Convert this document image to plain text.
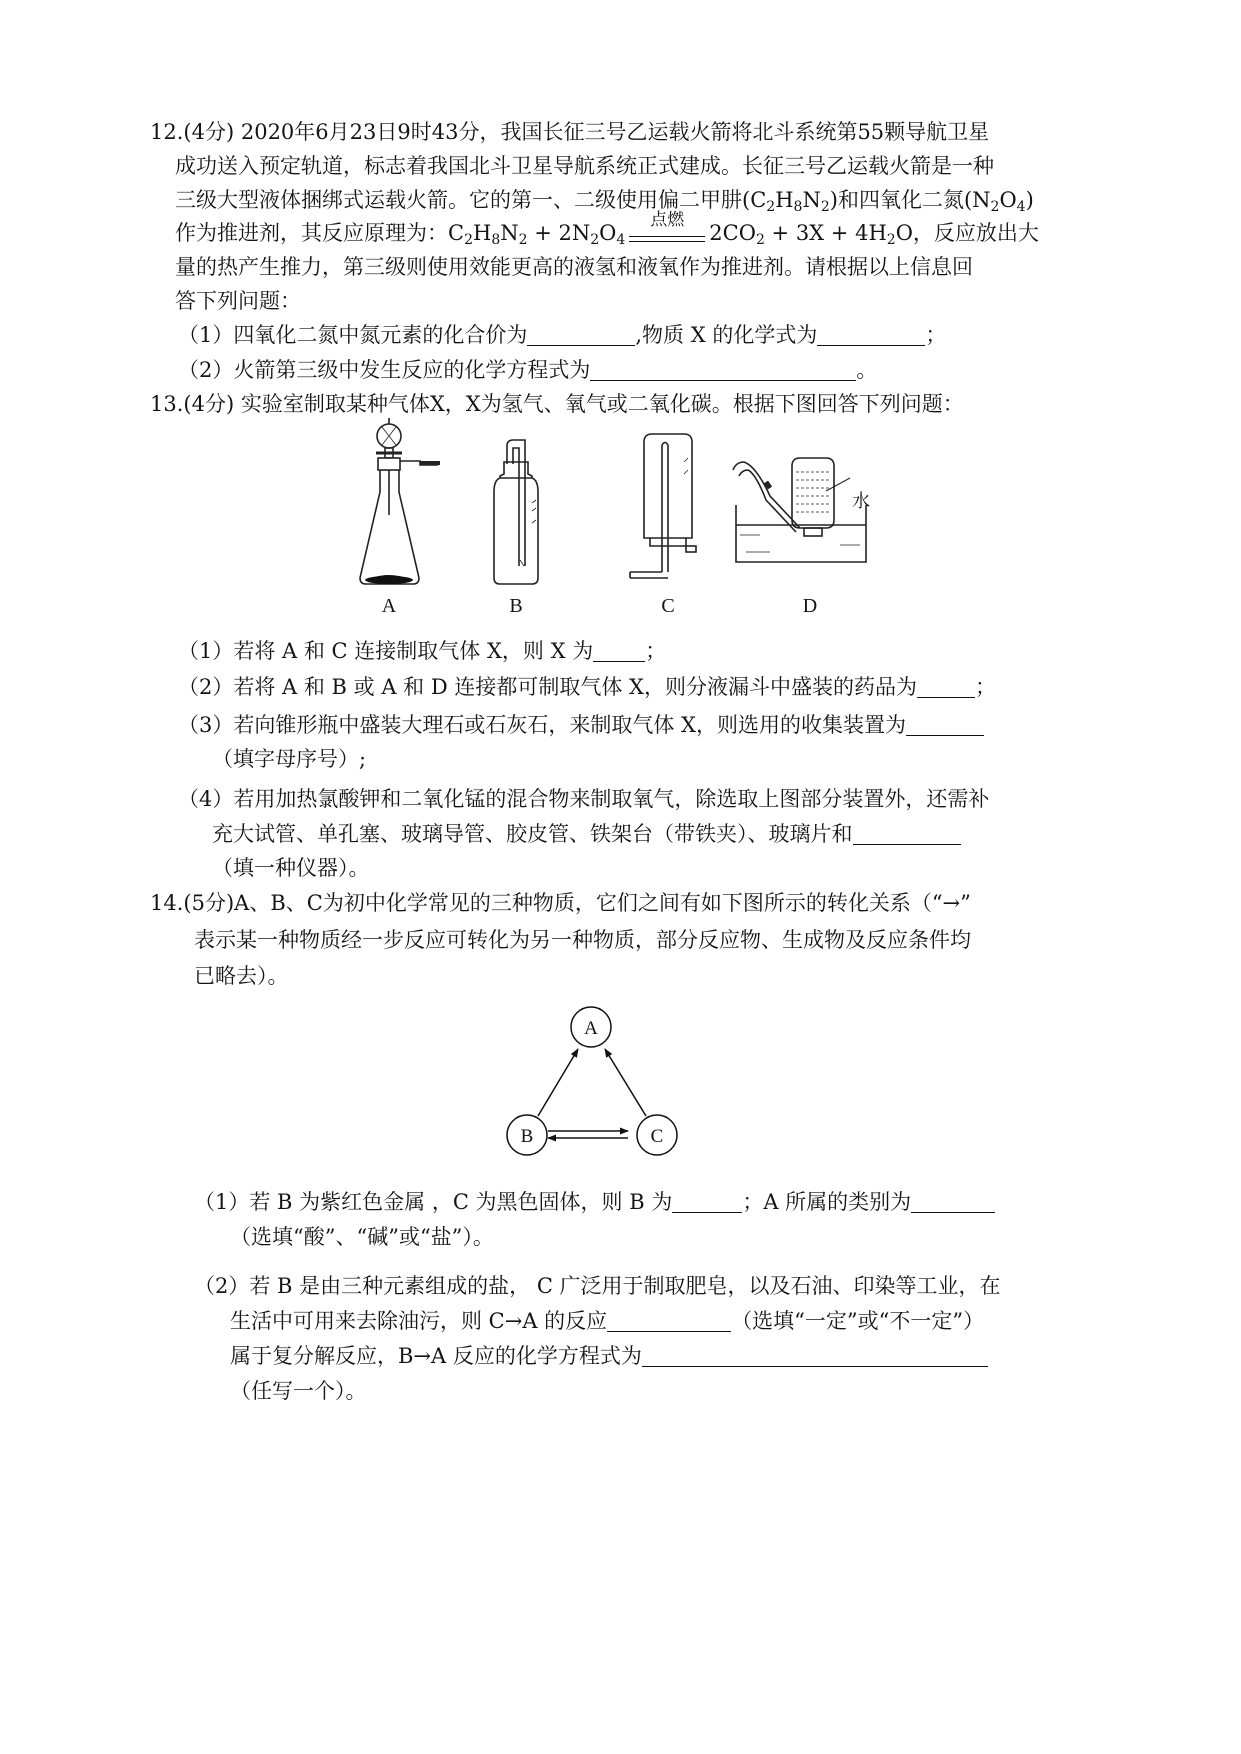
12.(4分) 2020年6月23日9时43分，我国长征三号乙运载火箭将北斗系统第55颗导航卫星
成功送入预定轨道，标志着我国北斗卫星导航系统正式建成。长征三号乙运载火箭是一种
三级大型液体捆绑式运载火箭。它的第一、二级使用偏二甲肼$(C_2H_8N_2)$和四氧化二氮$(N_2O_4)$
作为推进剂，其反应原理为：$C_2H_8N_2 + 2N_2O_4$
点燃
$2CO_2 + 3X + 4H_2O$，反应放出大
量的热产生推力，第三级则使用效能更高的液氢和液氧作为推进剂。请根据以上信息回
答下列问题：
（1）四氧化二氮中氮元素的化合价为	,物质 X 的化学式为	；
（2）火箭第三级中发生反应的化学方程式为	。
13.(4分) 实验室制取某种气体X，X为氢气、氧气或二氧化碳。根据下图回答下列问题：
A	B	C	D
水
（1）若将 A 和 C 连接制取气体 X，则 X 为 ；
（2）若将 A 和 B 或 A 和 D 连接都可制取气体 X，则分液漏斗中盛装的药品为	；
（3）若向锥形瓶中盛装大理石或石灰石，来制取气体 X，则选用的收集装置为
（填字母序号）;
（4）若用加热氯酸钾和二氧化锰的混合物来制取氧气，除选取上图部分装置外，还需补
充大试管、单孔塞、玻璃导管、胶皮管、铁架台（带铁夹）、玻璃片和
（填一种仪器）。
14.(5分)A、B、C为初中化学常见的三种物质，它们之间有如下图所示的转化关系（“→”
表示某一种物质经一步反应可转化为另一种物质，部分反应物、生成物及反应条件均
已略去）。
A
B	C
（1）若 B 为紫红色金属 ，C 为黑色固体，则 B 为	；A 所属的类别为
（选填“酸”、“碱”或“盐”）。
（2）若 B 是由三种元素组成的盐， C 广泛用于制取肥皂，以及石油、印染等工业，在
生活中可用来去除油污，则 C→A 的反应	（选填“一定”或“不一定”）
属于复分解反应，B→A 反应的化学方程式为
（任写一个）。
